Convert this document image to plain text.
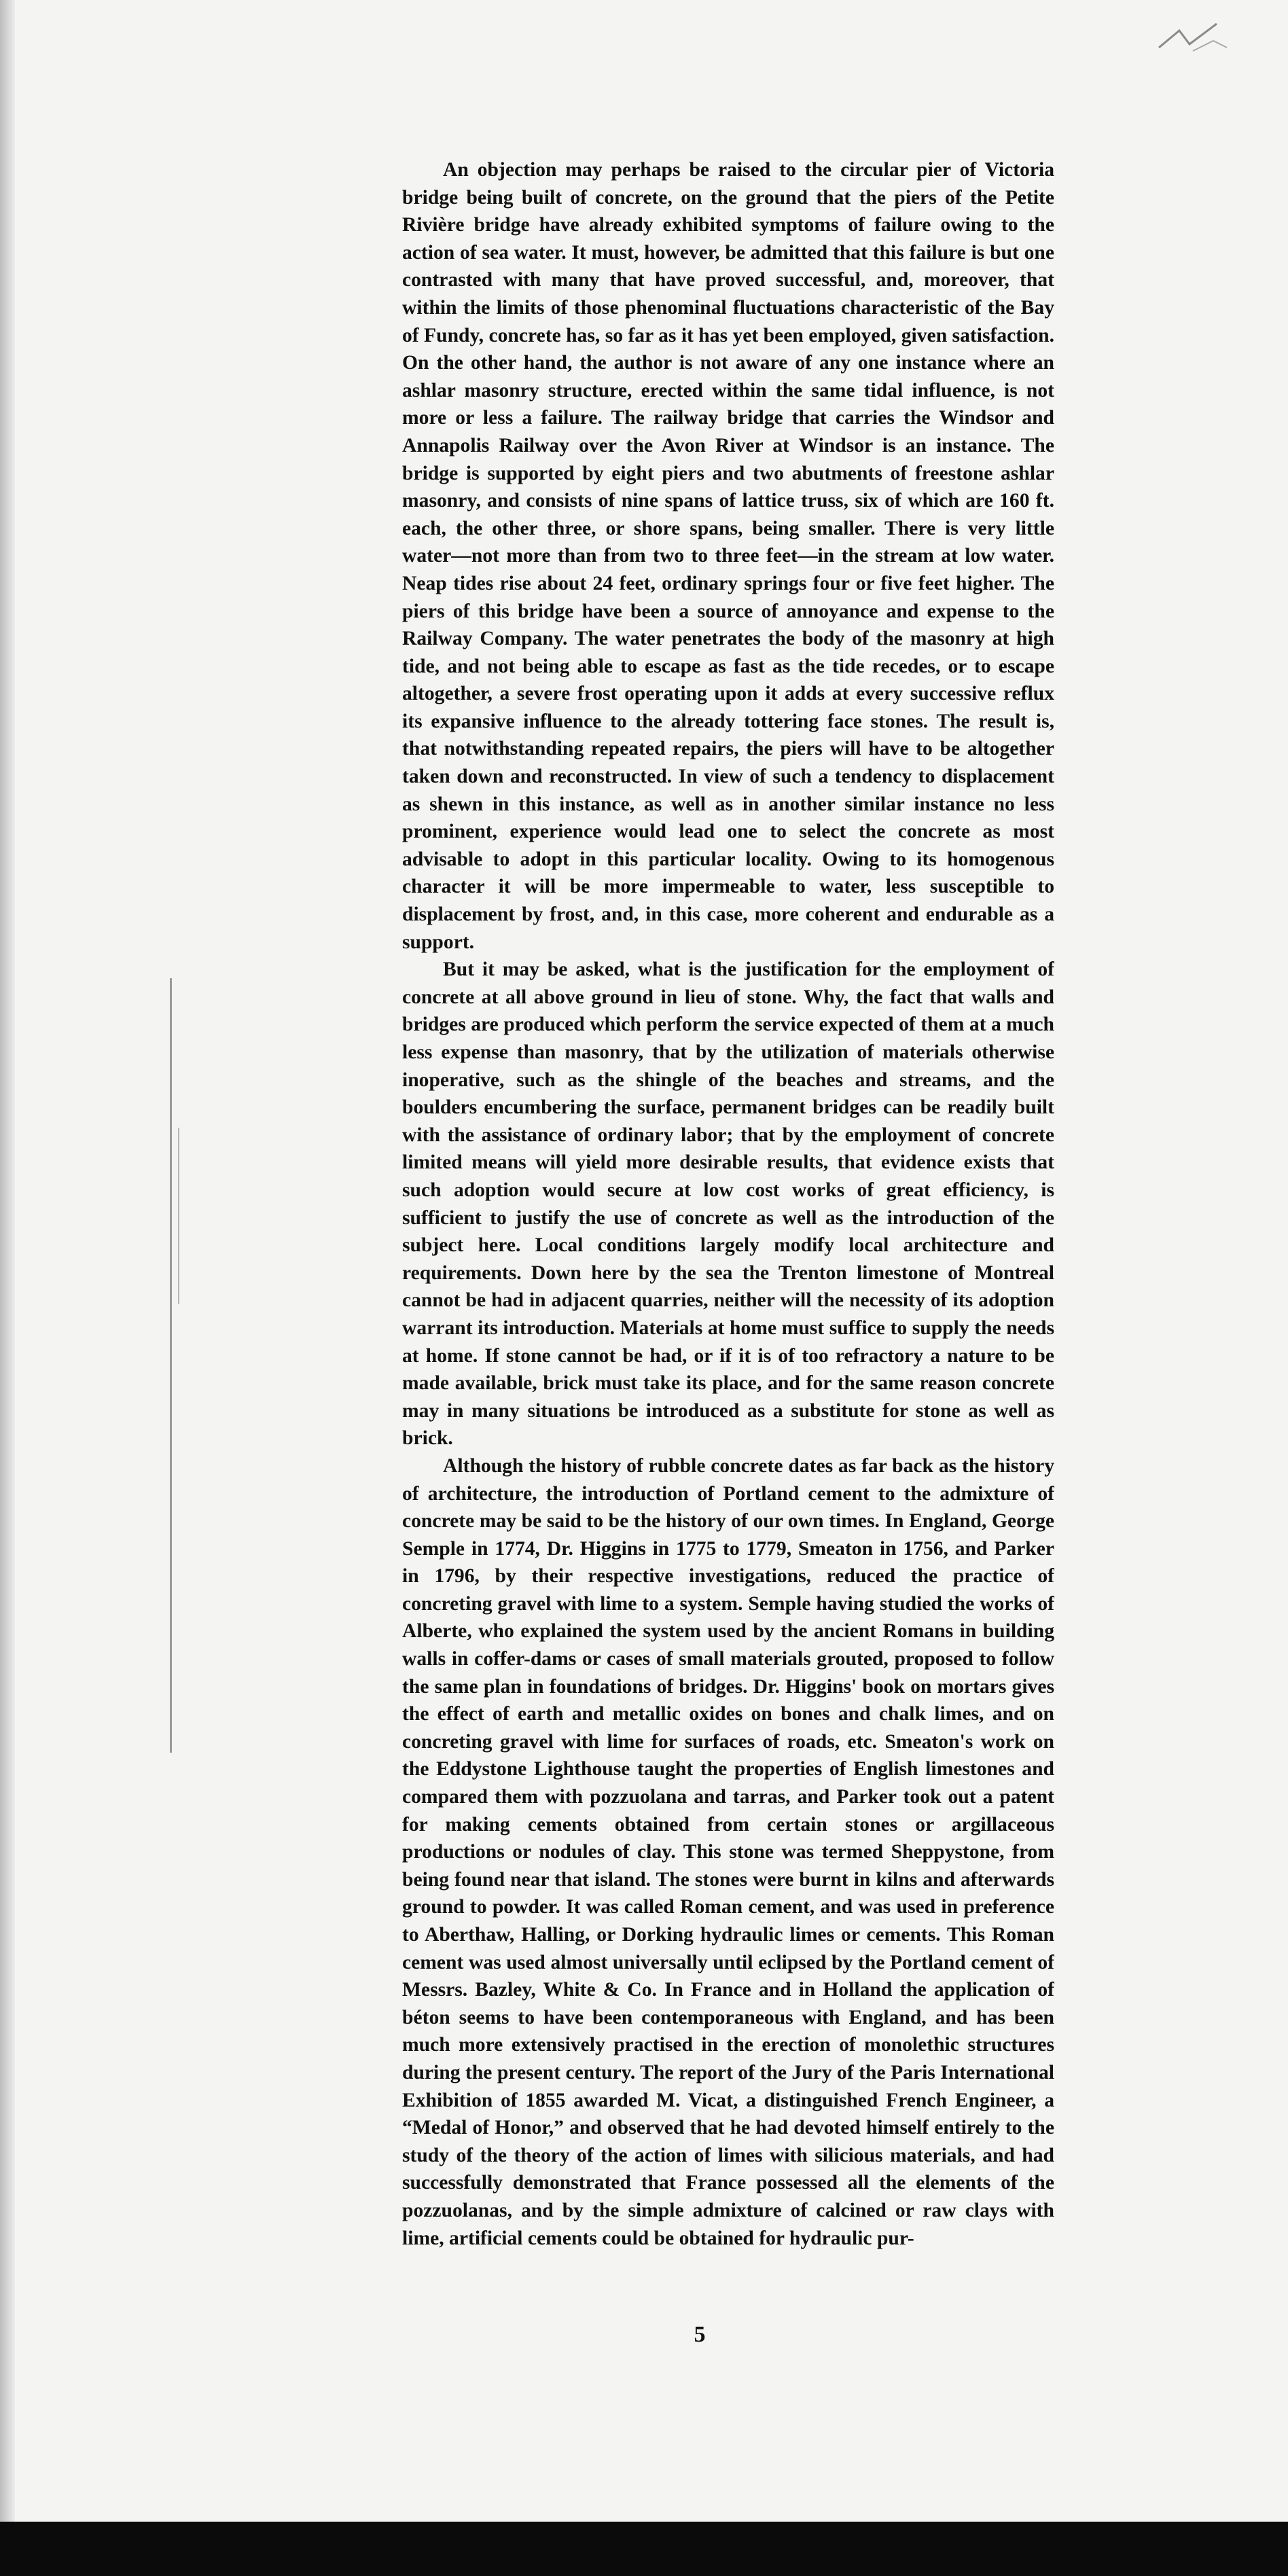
An objection may perhaps be raised to the circular pier of Victoria bridge being built of concrete, on the ground that the piers of the Petite Rivière bridge have already exhibited symptoms of failure owing to the action of sea water. It must, however, be admitted that this failure is but one contrasted with many that have proved successful, and, moreover, that within the limits of those phenominal fluctuations characteristic of the Bay of Fundy, concrete has, so far as it has yet been employed, given satisfaction. On the other hand, the author is not aware of any one instance where an ashlar masonry structure, erected within the same tidal influence, is not more or less a failure. The railway bridge that carries the Windsor and Annapolis Railway over the Avon River at Windsor is an instance. The bridge is supported by eight piers and two abutments of freestone ashlar masonry, and consists of nine spans of lattice truss, six of which are 160 ft. each, the other three, or shore spans, being smaller. There is very little water—not more than from two to three feet—in the stream at low water. Neap tides rise about 24 feet, ordinary springs four or five feet higher. The piers of this bridge have been a source of annoyance and expense to the Railway Company. The water penetrates the body of the masonry at high tide, and not being able to escape as fast as the tide recedes, or to escape altogether, a severe frost operating upon it adds at every successive reflux its expansive influence to the already tottering face stones. The result is, that notwithstanding repeated repairs, the piers will have to be altogether taken down and reconstructed. In view of such a tendency to displacement as shewn in this instance, as well as in another similar instance no less prominent, experience would lead one to select the concrete as most advisable to adopt in this particular locality. Owing to its homogenous character it will be more impermeable to water, less susceptible to displacement by frost, and, in this case, more coherent and endurable as a support.

But it may be asked, what is the justification for the employment of concrete at all above ground in lieu of stone. Why, the fact that walls and bridges are produced which perform the service expected of them at a much less expense than masonry, that by the utilization of materials otherwise inoperative, such as the shingle of the beaches and streams, and the boulders encumbering the surface, permanent bridges can be readily built with the assistance of ordinary labor; that by the employment of concrete limited means will yield more desirable results, that evidence exists that such adoption would secure at low cost works of great efficiency, is sufficient to justify the use of concrete as well as the introduction of the subject here. Local conditions largely modify local architecture and requirements. Down here by the sea the Trenton limestone of Montreal cannot be had in adjacent quarries, neither will the necessity of its adoption warrant its introduction. Materials at home must suffice to supply the needs at home. If stone cannot be had, or if it is of too refractory a nature to be made available, brick must take its place, and for the same reason concrete may in many situations be introduced as a substitute for stone as well as brick.

Although the history of rubble concrete dates as far back as the history of architecture, the introduction of Portland cement to the admixture of concrete may be said to be the history of our own times. In England, George Semple in 1774, Dr. Higgins in 1775 to 1779, Smeaton in 1756, and Parker in 1796, by their respective investigations, reduced the practice of concreting gravel with lime to a system. Semple having studied the works of Alberte, who explained the system used by the ancient Romans in building walls in coffer-dams or cases of small materials grouted, proposed to follow the same plan in foundations of bridges. Dr. Higgins' book on mortars gives the effect of earth and metallic oxides on bones and chalk limes, and on concreting gravel with lime for surfaces of roads, etc. Smeaton's work on the Eddystone Lighthouse taught the properties of English limestones and compared them with pozzuolana and tarras, and Parker took out a patent for making cements obtained from certain stones or argillaceous productions or nodules of clay. This stone was termed Sheppystone, from being found near that island. The stones were burnt in kilns and afterwards ground to powder. It was called Roman cement, and was used in preference to Aberthaw, Halling, or Dorking hydraulic limes or cements. This Roman cement was used almost universally until eclipsed by the Portland cement of Messrs. Bazley, White & Co. In France and in Holland the application of béton seems to have been contemporaneous with England, and has been much more extensively practised in the erection of monolethic structures during the present century. The report of the Jury of the Paris International Exhibition of 1855 awarded M. Vicat, a distinguished French Engineer, a “Medal of Honor,” and observed that he had devoted himself entirely to the study of the theory of the action of limes with silicious materials, and had successfully demonstrated that France possessed all the elements of the pozzuolanas, and by the simple admixture of calcined or raw clays with lime, artificial cements could be obtained for hydraulic pur-

5
